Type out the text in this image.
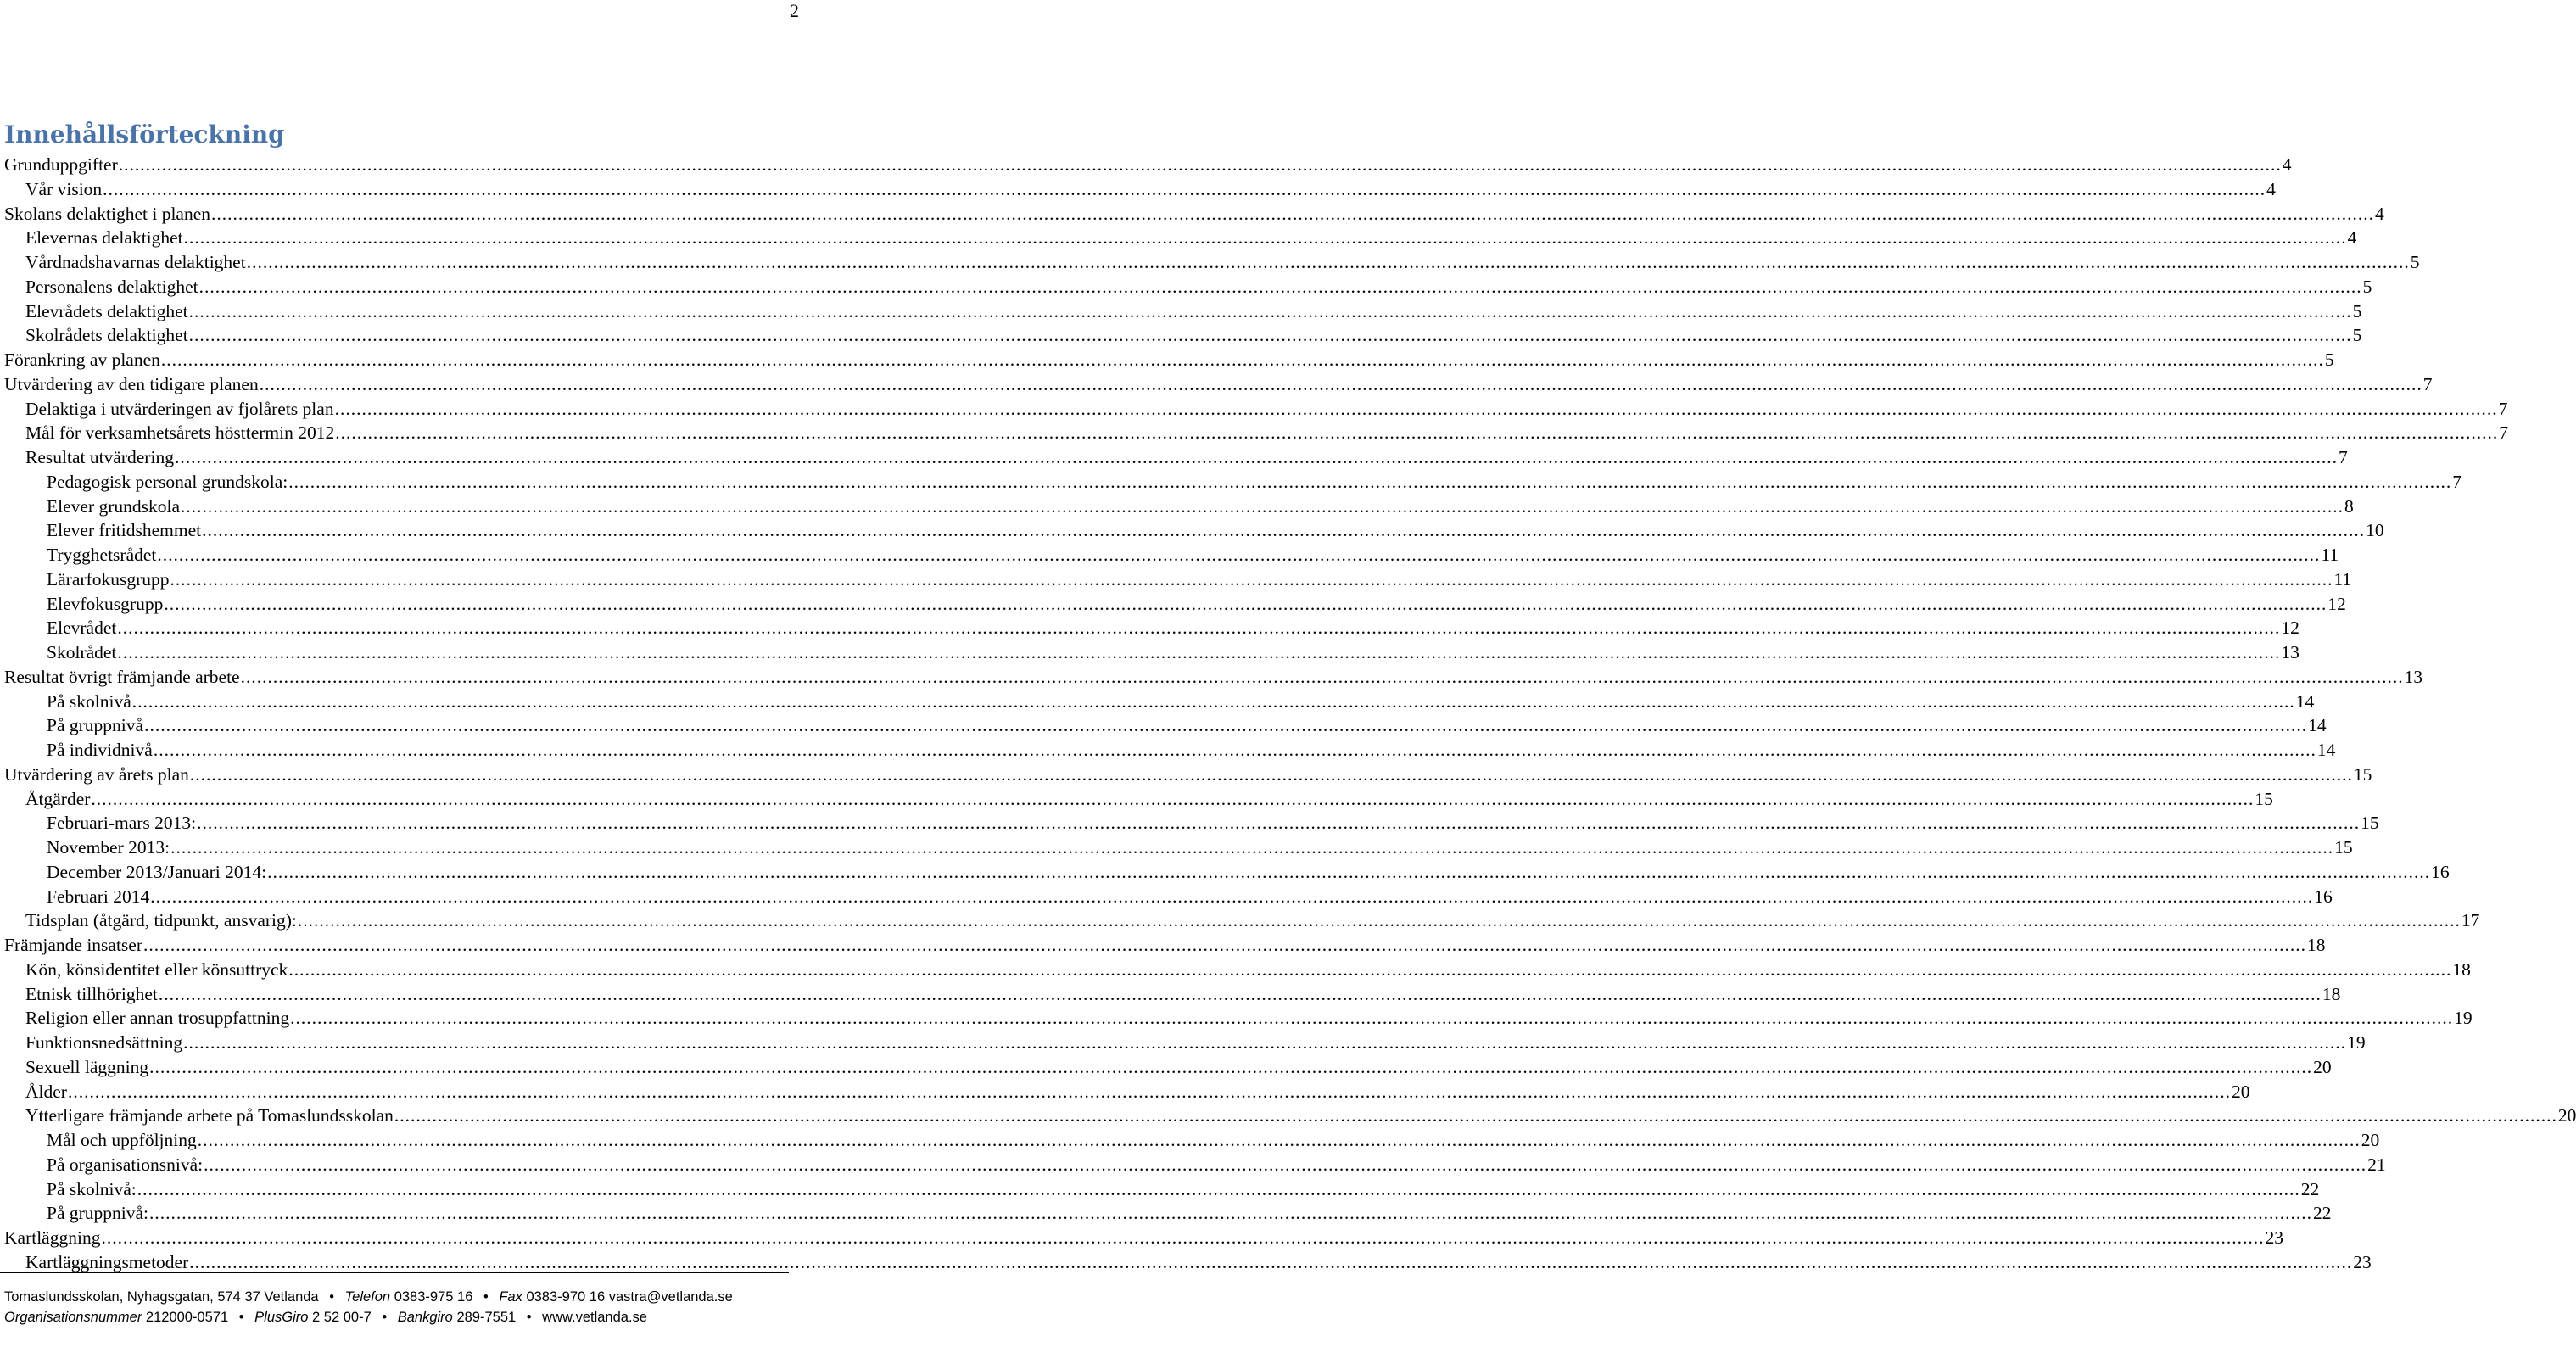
2
Innehållsförteckning
Grunduppgifter ................................................................................................................................................................................................................................................................................................................................................................................................................ 4
Vår vision ................................................................................................................................................................................................................................................................................................................................................................................................................ 4
Skolans delaktighet i planen ................................................................................................................................................................................................................................................................................................................................................................................................................ 4
Elevernas delaktighet ................................................................................................................................................................................................................................................................................................................................................................................................................ 4
Vårdnadshavarnas delaktighet ................................................................................................................................................................................................................................................................................................................................................................................................................ 5
Personalens delaktighet ................................................................................................................................................................................................................................................................................................................................................................................................................ 5
Elevrådets delaktighet ................................................................................................................................................................................................................................................................................................................................................................................................................ 5
Skolrådets delaktighet ................................................................................................................................................................................................................................................................................................................................................................................................................ 5
Förankring av planen ................................................................................................................................................................................................................................................................................................................................................................................................................ 5
Utvärdering av den tidigare planen ................................................................................................................................................................................................................................................................................................................................................................................................................ 7
Delaktiga i utvärderingen av fjolårets plan ................................................................................................................................................................................................................................................................................................................................................................................................................ 7
Mål för verksamhetsårets hösttermin 2012 ................................................................................................................................................................................................................................................................................................................................................................................................................ 7
Resultat utvärdering ................................................................................................................................................................................................................................................................................................................................................................................................................ 7
Pedagogisk personal grundskola: ................................................................................................................................................................................................................................................................................................................................................................................................................ 7
Elever grundskola ................................................................................................................................................................................................................................................................................................................................................................................................................ 8
Elever fritidshemmet ................................................................................................................................................................................................................................................................................................................................................................................................................ 10
Trygghetsrådet ................................................................................................................................................................................................................................................................................................................................................................................................................ 11
Lärarfokusgrupp ................................................................................................................................................................................................................................................................................................................................................................................................................ 11
Elevfokusgrupp ................................................................................................................................................................................................................................................................................................................................................................................................................ 12
Elevrådet ................................................................................................................................................................................................................................................................................................................................................................................................................ 12
Skolrådet ................................................................................................................................................................................................................................................................................................................................................................................................................ 13
Resultat övrigt främjande arbete ................................................................................................................................................................................................................................................................................................................................................................................................................ 13
På skolnivå ................................................................................................................................................................................................................................................................................................................................................................................................................ 14
På gruppnivå ................................................................................................................................................................................................................................................................................................................................................................................................................ 14
På individnivå ................................................................................................................................................................................................................................................................................................................................................................................................................ 14
Utvärdering av årets plan ................................................................................................................................................................................................................................................................................................................................................................................................................ 15
Åtgärder ................................................................................................................................................................................................................................................................................................................................................................................................................ 15
Februari-mars 2013: ................................................................................................................................................................................................................................................................................................................................................................................................................ 15
November 2013: ................................................................................................................................................................................................................................................................................................................................................................................................................ 15
December 2013/Januari 2014: ................................................................................................................................................................................................................................................................................................................................................................................................................ 16
Februari 2014 ................................................................................................................................................................................................................................................................................................................................................................................................................ 16
Tidsplan (åtgärd, tidpunkt, ansvarig): ................................................................................................................................................................................................................................................................................................................................................................................................................ 17
Främjande insatser ................................................................................................................................................................................................................................................................................................................................................................................................................ 18
Kön, könsidentitet eller könsuttryck ................................................................................................................................................................................................................................................................................................................................................................................................................ 18
Etnisk tillhörighet ................................................................................................................................................................................................................................................................................................................................................................................................................ 18
Religion eller annan trosuppfattning ................................................................................................................................................................................................................................................................................................................................................................................................................ 19
Funktionsnedsättning ................................................................................................................................................................................................................................................................................................................................................................................................................ 19
Sexuell läggning ................................................................................................................................................................................................................................................................................................................................................................................................................ 20
Ålder ................................................................................................................................................................................................................................................................................................................................................................................................................ 20
Ytterligare främjande arbete på Tomaslundsskolan ................................................................................................................................................................................................................................................................................................................................................................................................................ 20
Mål och uppföljning ................................................................................................................................................................................................................................................................................................................................................................................................................ 20
På organisationsnivå: ................................................................................................................................................................................................................................................................................................................................................................................................................ 21
På skolnivå: ................................................................................................................................................................................................................................................................................................................................................................................................................ 22
På gruppnivå: ................................................................................................................................................................................................................................................................................................................................................................................................................ 22
Kartläggning ................................................................................................................................................................................................................................................................................................................................................................................................................ 23
Kartläggningsmetoder ................................................................................................................................................................................................................................................................................................................................................................................................................ 23
Tomaslundsskolan, Nyhagsgatan, 574 37 Vetlanda • Telefon 0383-975 16 • Fax 0383-970 16 vastra@vetlanda.se
Organisationsnummer 212000-0571 • PlusGiro 2 52 00-7 • Bankgiro 289-7551 • www.vetlanda.se
